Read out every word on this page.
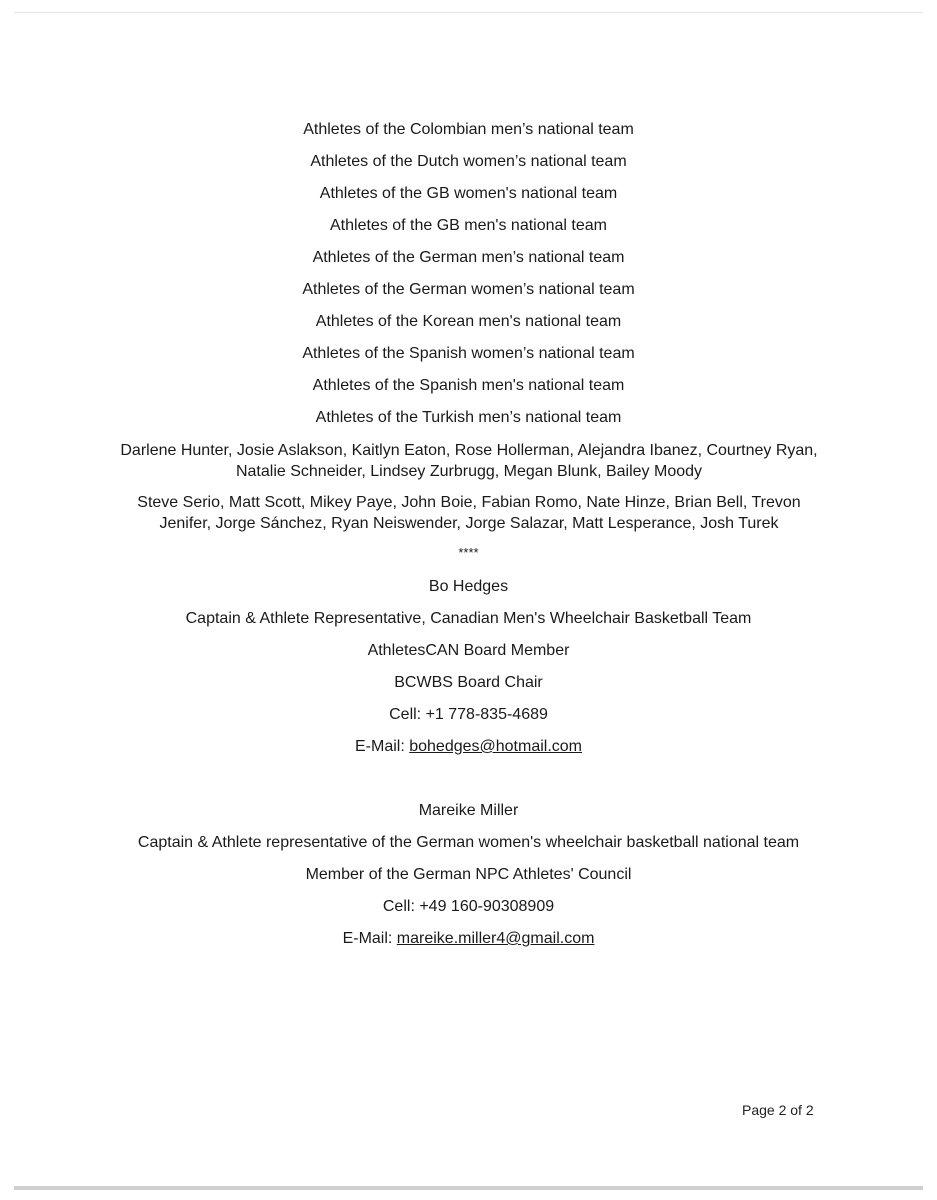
Athletes of the Colombian men’s national team
Athletes of the Dutch women’s national team
Athletes of the GB women's national team
Athletes of the GB men's national team
Athletes of the German men’s national team
Athletes of the German women’s national team
Athletes of the Korean men's national team
Athletes of the Spanish women’s national team
Athletes of the Spanish men's national team
Athletes of the Turkish men’s national team
Darlene Hunter, Josie Aslakson, Kaitlyn Eaton, Rose Hollerman, Alejandra Ibanez, Courtney Ryan, Natalie Schneider, Lindsey Zurbrugg, Megan Blunk, Bailey Moody
Steve Serio, Matt Scott, Mikey Paye, John Boie, Fabian Romo, Nate Hinze, Brian Bell, Trevon Jenifer, Jorge Sánchez, Ryan Neiswender, Jorge Salazar, Matt Lesperance, Josh Turek
****
Bo Hedges
Captain & Athlete Representative, Canadian Men's Wheelchair Basketball Team
AthletesCAN Board Member
BCWBS Board Chair
Cell: +1 778-835-4689
E-Mail: bohedges@hotmail.com
Mareike Miller
Captain & Athlete representative of the German women's wheelchair basketball national team
Member of the German NPC Athletes' Council
Cell: +49 160-90308909
E-Mail: mareike.miller4@gmail.com
Page 2 of 2
